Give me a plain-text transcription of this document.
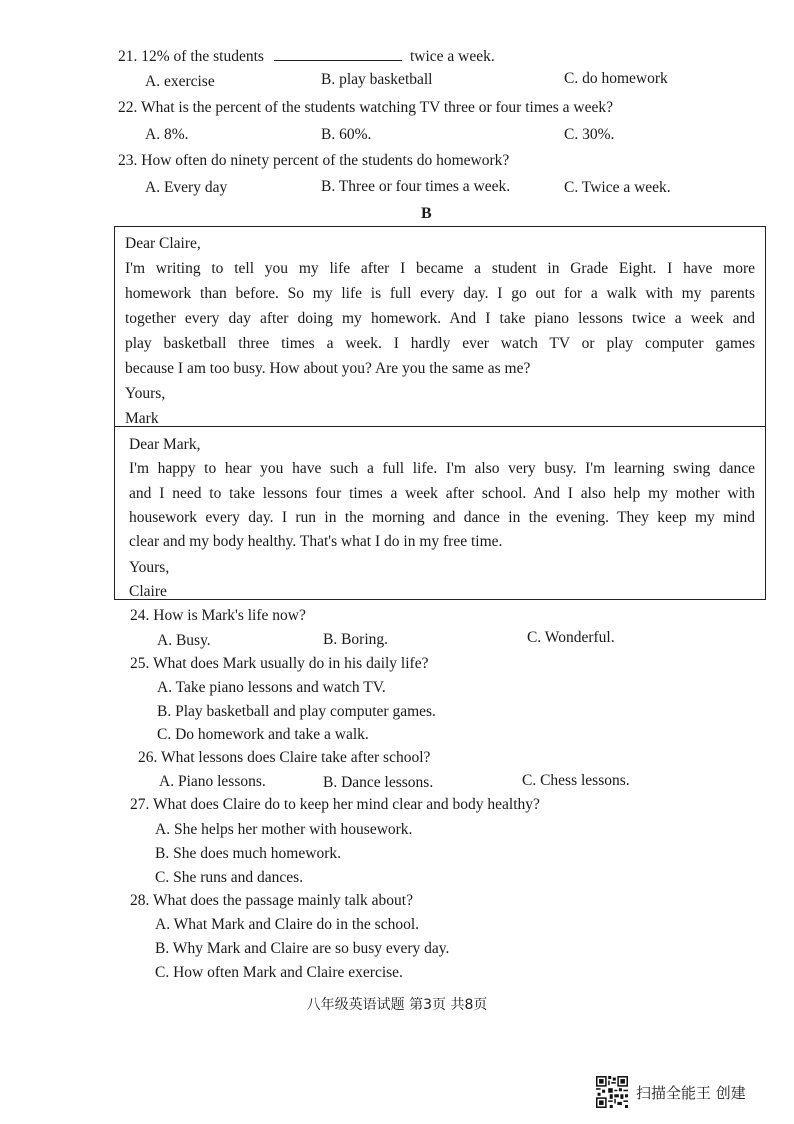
21. 12% of the students	twice a week.
A. exercise	B. play basketball	C. do homework
22. What is the percent of the students watching TV three or four times a week?
A. 8%.	B. 60%.	C. 30%.
23. How often do ninety percent of the students do homework?
A. Every day	B. Three or four times a week.	C. Twice a week.
B
Dear Claire,
I'm writing to tell you my life after I became a student in Grade Eight. I have more
homework than before. So my life is full every day. I go out for a walk with my parents
together every day after doing my homework. And I take piano lessons twice a week and
play basketball three times a week. I hardly ever watch TV or play computer games
because I am too busy. How about you? Are you the same as me?
Yours,
Mark
Dear Mark,
I'm happy to hear you have such a full life. I'm also very busy. I'm learning swing dance
and I need to take lessons four times a week after school. And I also help my mother with
housework every day. I run in the morning and dance in the evening. They keep my mind
clear and my body healthy. That's what I do in my free time.
Yours,
Claire
24. How is Mark's life now?
A. Busy.	B. Boring.	C. Wonderful.
25. What does Mark usually do in his daily life?
A. Take piano lessons and watch TV.
B. Play basketball and play computer games.
C. Do homework and take a walk.
26. What lessons does Claire take after school?
A. Piano lessons.	B. Dance lessons.	C. Chess lessons.
27. What does Claire do to keep her mind clear and body healthy?
A. She helps her mother with housework.
B. She does much homework.
C. She runs and dances.
28. What does the passage mainly talk about?
A. What Mark and Claire do in the school.
B. Why Mark and Claire are so busy every day.
C. How often Mark and Claire exercise.
八年级英语试题 第3页 共8页
扫描全能王 创建
